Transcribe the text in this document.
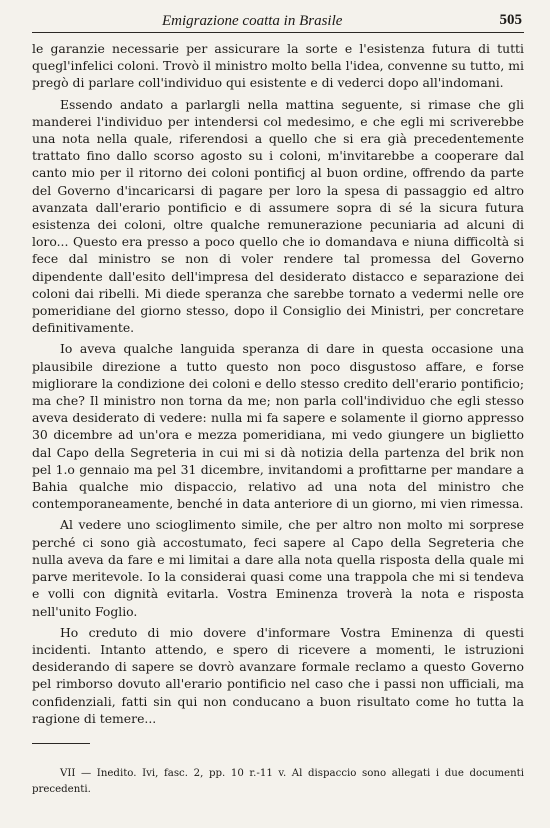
Emigrazione coatta in Brasile	505

le garanzie necessarie per assicurare la sorte e l'esistenza futura di tutti quegl'infelici coloni. Trovò il ministro molto bella l'idea, convenne su tutto, mi pregò di parlare coll'individuo qui esistente e di vederci dopo all'indomani.

Essendo andato a parlargli nella mattina seguente, si rimase che gli manderei l'individuo per intendersi col medesimo, e che egli mi scriverebbe una nota nella quale, riferendosi a quello che si era già precedentemente trattato fino dallo scorso agosto su i coloni, m'invitarebbe a cooperare dal canto mio per il ritorno dei coloni pontificj al buon ordine, offrendo da parte del Governo d'incaricarsi di pagare per loro la spesa di passaggio ed altro avanzata dall'erario pontificio e di assumere sopra di sé la sicura futura esistenza dei coloni, oltre qualche remunerazione pecuniaria ad alcuni di loro... Questo era presso a poco quello che io domandava e niuna difficoltà si fece dal ministro se non di voler rendere tal promessa del Governo dipendente dall'esito dell'impresa del desiderato distacco e separazione dei coloni dai ribelli. Mi diede speranza che sarebbe tornato a vedermi nelle ore pomeridiane del giorno stesso, dopo il Consiglio dei Ministri, per concretare definitivamente.

Io aveva qualche languida speranza di dare in questa occasione una plausibile direzione a tutto questo non poco disgustoso affare, e forse migliorare la condizione dei coloni e dello stesso credito dell'erario pontificio; ma che? Il ministro non torna da me; non parla coll'individuo che egli stesso aveva desiderato di vedere: nulla mi fa sapere e solamente il giorno appresso 30 dicembre ad un'ora e mezza pomeridiana, mi vedo giungere un biglietto dal Capo della Segreteria in cui mi si dà notizia della partenza del brik non pel 1.o gennaio ma pel 31 dicembre, invitandomi a profittarne per mandare a Bahia qualche mio dispaccio, relativo ad una nota del ministro che contemporaneamente, benché in data anteriore di un giorno, mi vien rimessa.

Al vedere uno scioglimento simile, che per altro non molto mi sorprese perché ci sono già accostumato, feci sapere al Capo della Segreteria che nulla aveva da fare e mi limitai a dare alla nota quella risposta della quale mi parve meritevole. Io la considerai quasi come una trappola che mi si tendeva e volli con dignità evitarla. Vostra Eminenza troverà la nota e risposta nell'unito Foglio.

Ho creduto di mio dovere d'informare Vostra Eminenza di questi incidenti. Intanto attendo, e spero di ricevere a momenti, le istruzioni desiderando di sapere se dovrò avanzare formale reclamo a questo Governo pel rimborso dovuto all'erario pontificio nel caso che i passi non ufficiali, ma confidenziali, fatti sin qui non conducano a buon risultato come ho tutta la ragione di temere...

VII — Inedito. Ivi, fasc. 2, pp. 10 r.-11 v. Al dispaccio sono allegati i due documenti precedenti.
